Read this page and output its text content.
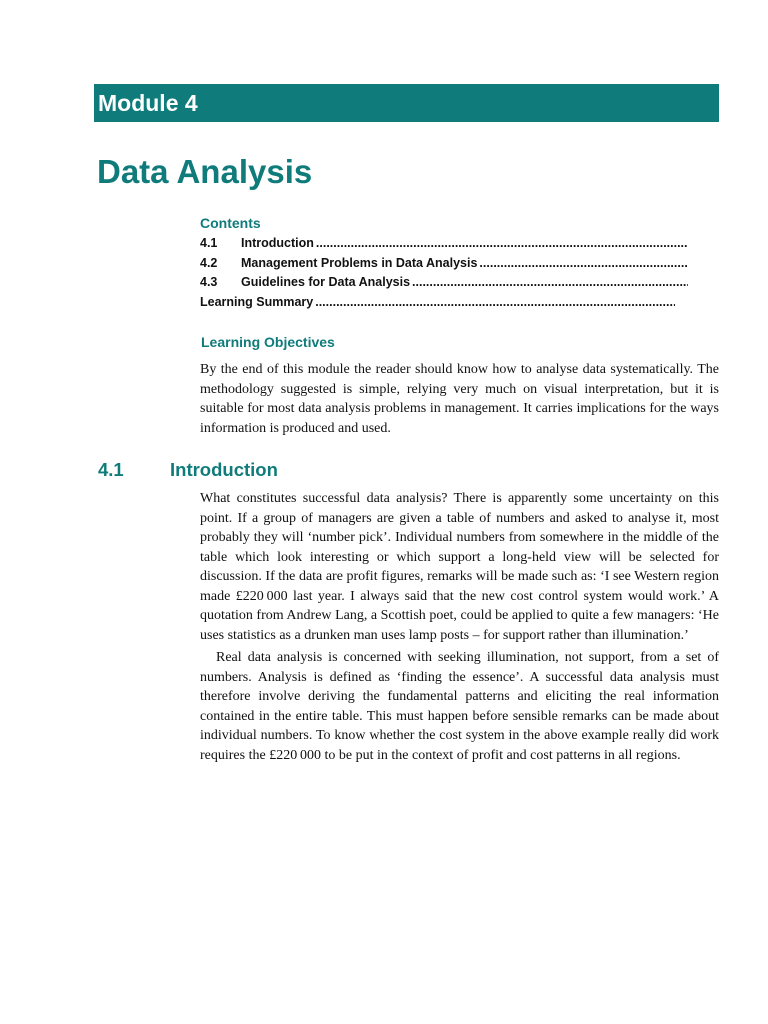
Module 4
Data Analysis
Contents
4.1	Introduction
.....
4.2	Management Problems in Data Analysis
.....
4.3	Guidelines for Data Analysis
.....
Learning Summary
.....
Learning Objectives

By the end of this module the reader should know how to analyse data systematically. The methodology suggested is simple, relying very much on visual interpretation, but it is suitable for most data analysis problems in management. It carries implications for the ways information is produced and used.

4.1	Introduction

What constitutes successful data analysis? There is apparently some uncertainty on this point. If a group of managers are given a table of numbers and asked to analyse it, most probably they will ‘number pick’. Individual numbers from somewhere in the middle of the table which look interesting or which support a long-held view will be selected for discussion. If the data are profit figures, remarks will be made such as: ‘I see Western region made £220 000 last year. I always said that the new cost control system would work.’ A quotation from Andrew Lang, a Scottish poet, could be applied to quite a few managers: ‘He uses statistics as a drunken man uses lamp posts – for support rather than illumination.’

Real data analysis is concerned with seeking illumination, not support, from a set of numbers. Analysis is defined as ‘finding the essence’. A successful data analysis must therefore involve deriving the fundamental patterns and eliciting the real information contained in the entire table. This must happen before sensible remarks can be made about individual numbers. To know whether the cost system in the above example really did work requires the £220 000 to be put in the context of profit and cost patterns in all regions.
